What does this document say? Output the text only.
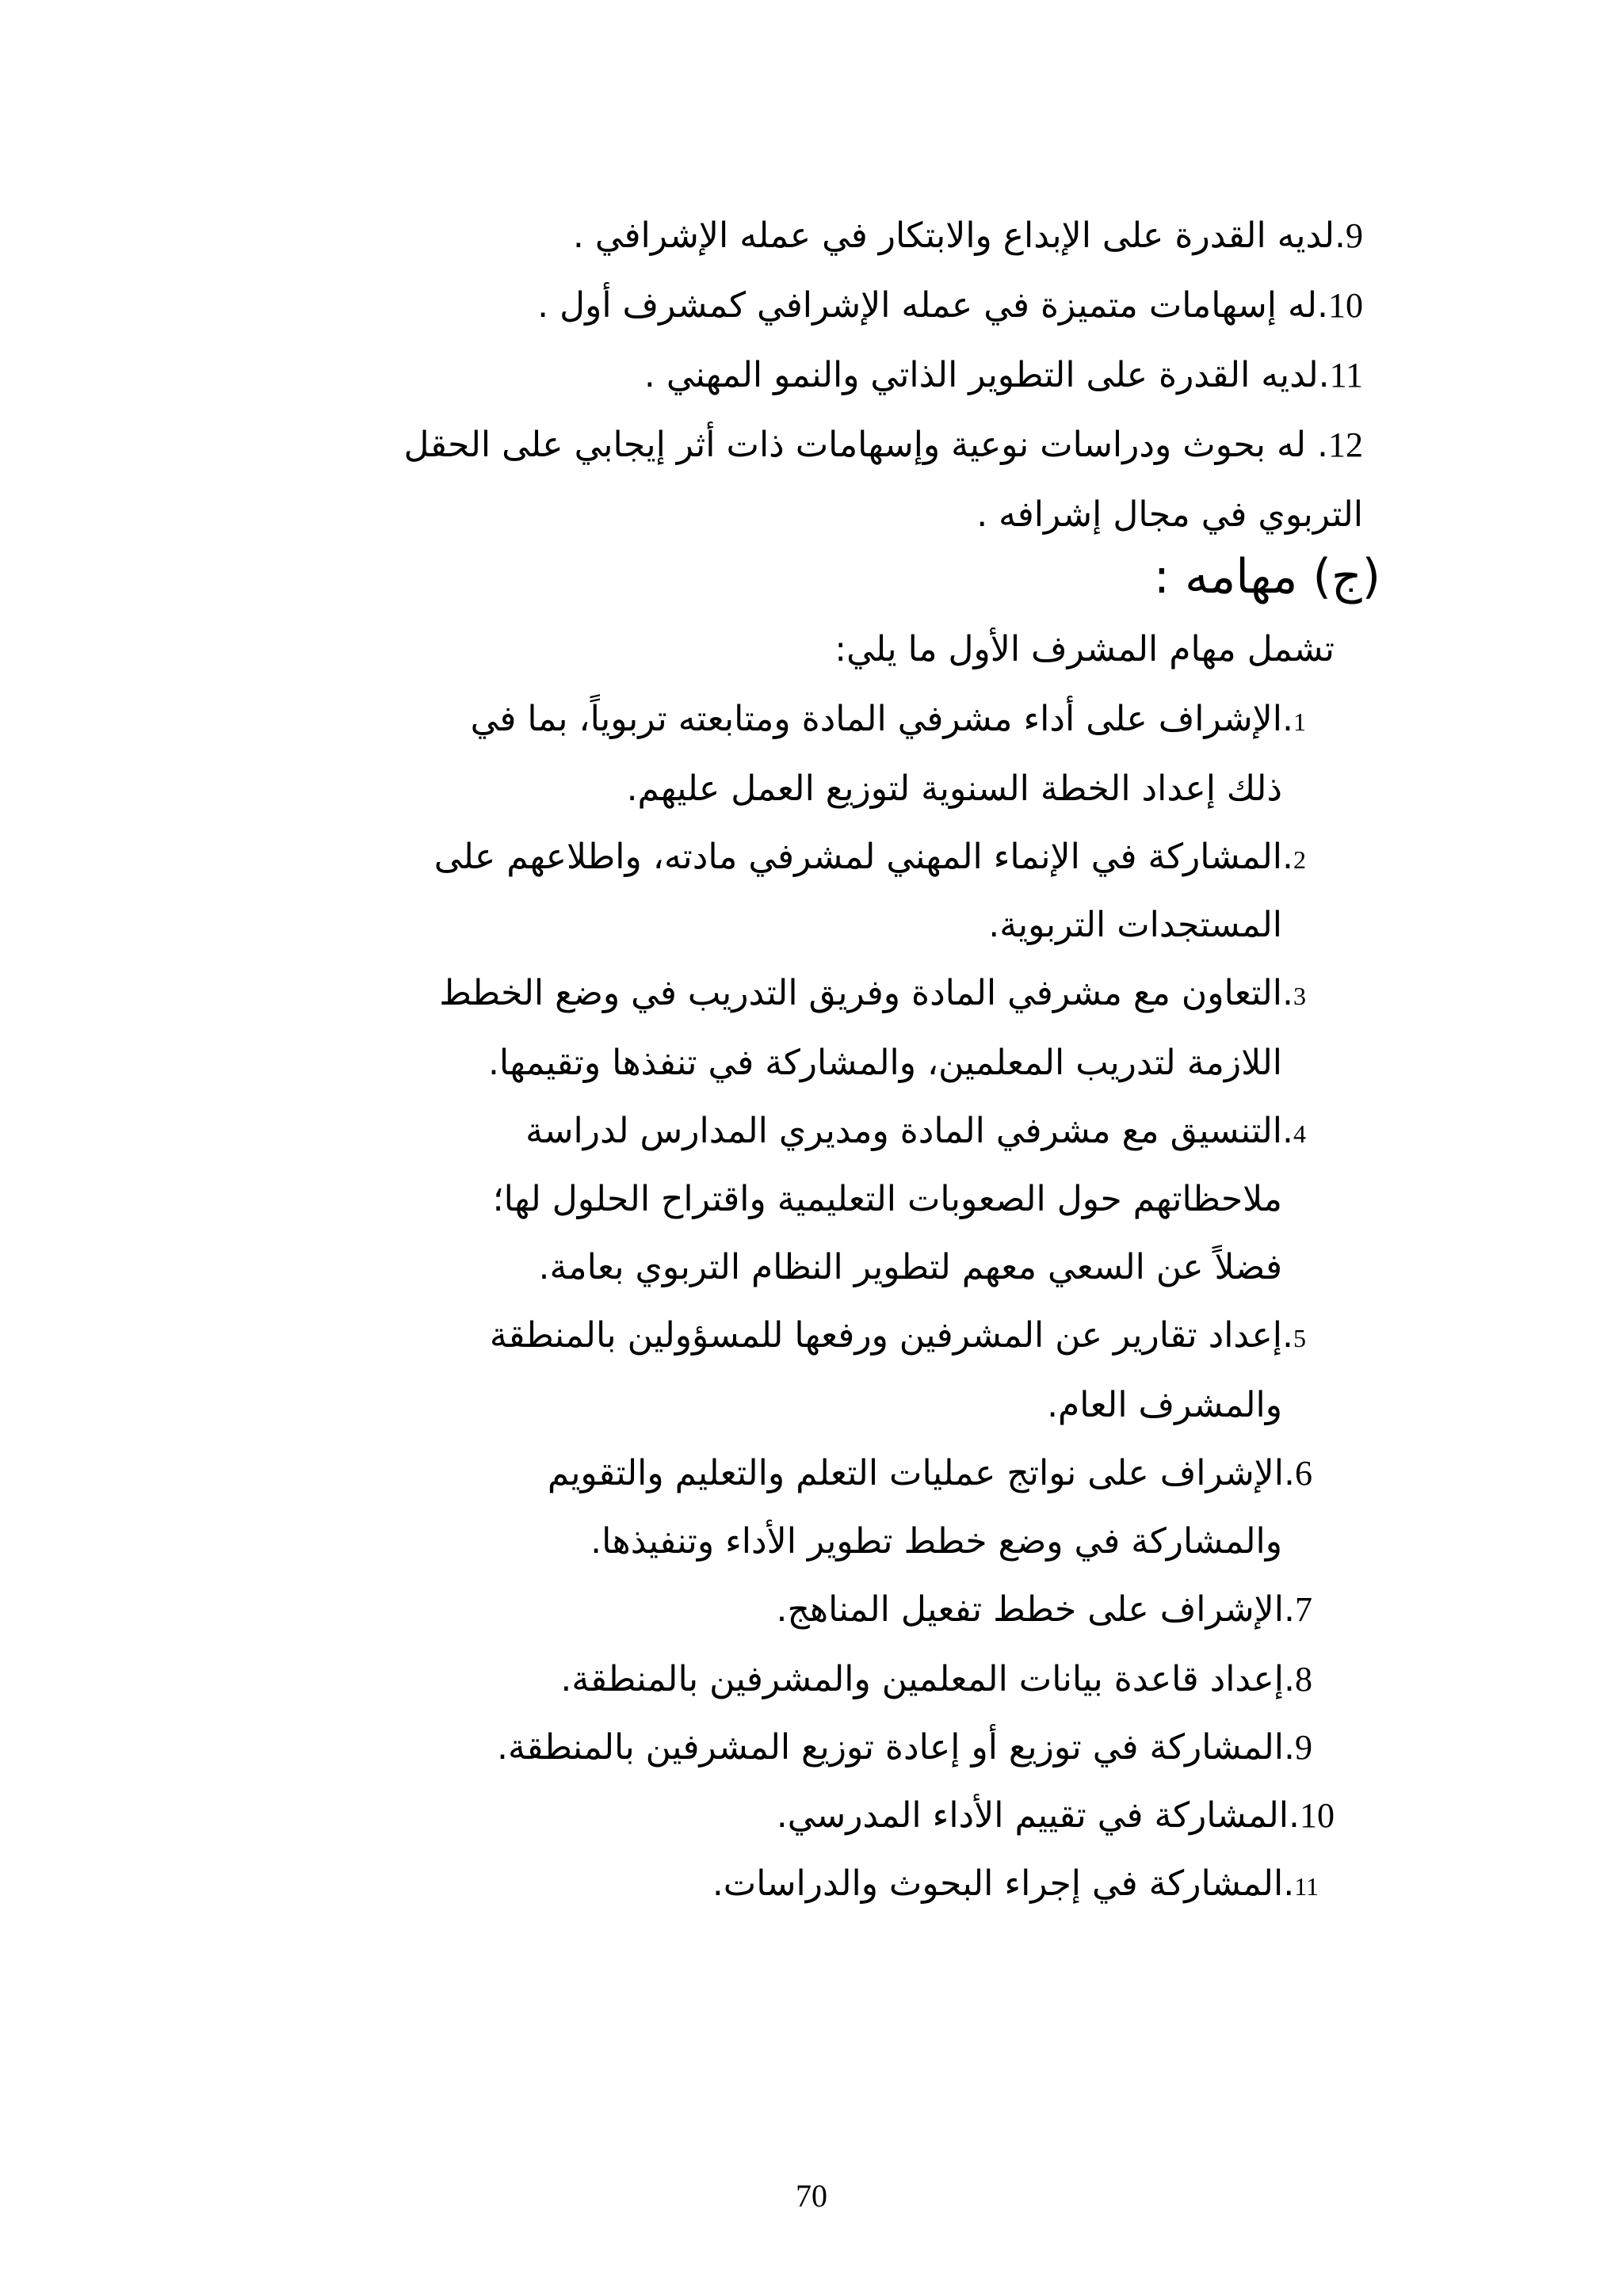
9.لديه القدرة على الإبداع والابتكار في عمله الإشرافي .
10.له إسهامات متميزة في عمله الإشرافي كمشرف أول .
11.لديه القدرة على التطوير الذاتي والنمو المهني .
12. له بحوث ودراسات نوعية وإسهامات ذات أثر إيجابي على الحقل
التربوي في مجال إشرافه .
(ج) مهامه :
تشمل مهام المشرف الأول ما يلي:
1.الإشراف على أداء مشرفي المادة ومتابعته تربوياً، بما في
ذلك إعداد الخطة السنوية لتوزيع العمل عليهم.
2.المشاركة في الإنماء المهني لمشرفي مادته، واطلاعهم على
المستجدات التربوية.
3.التعاون مع مشرفي المادة وفريق التدريب في وضع الخطط
اللازمة لتدريب المعلمين، والمشاركة في تنفذها وتقيمها.
4.التنسيق مع مشرفي المادة ومديري المدارس لدراسة
ملاحظاتهم حول الصعوبات التعليمية واقتراح الحلول لها؛
فضلاً عن السعي معهم لتطوير النظام التربوي بعامة.
5.إعداد تقارير عن المشرفين ورفعها للمسؤولين بالمنطقة
والمشرف العام.
6.الإشراف على نواتج عمليات التعلم والتعليم والتقويم
والمشاركة في وضع خطط تطوير الأداء وتنفيذها.
7.الإشراف على خطط تفعيل المناهج.
8.إعداد قاعدة بيانات المعلمين والمشرفين بالمنطقة.
9.المشاركة في توزيع أو إعادة توزيع المشرفين بالمنطقة.
10.المشاركة في تقييم الأداء المدرسي.
11.المشاركة في إجراء البحوث والدراسات.
70
